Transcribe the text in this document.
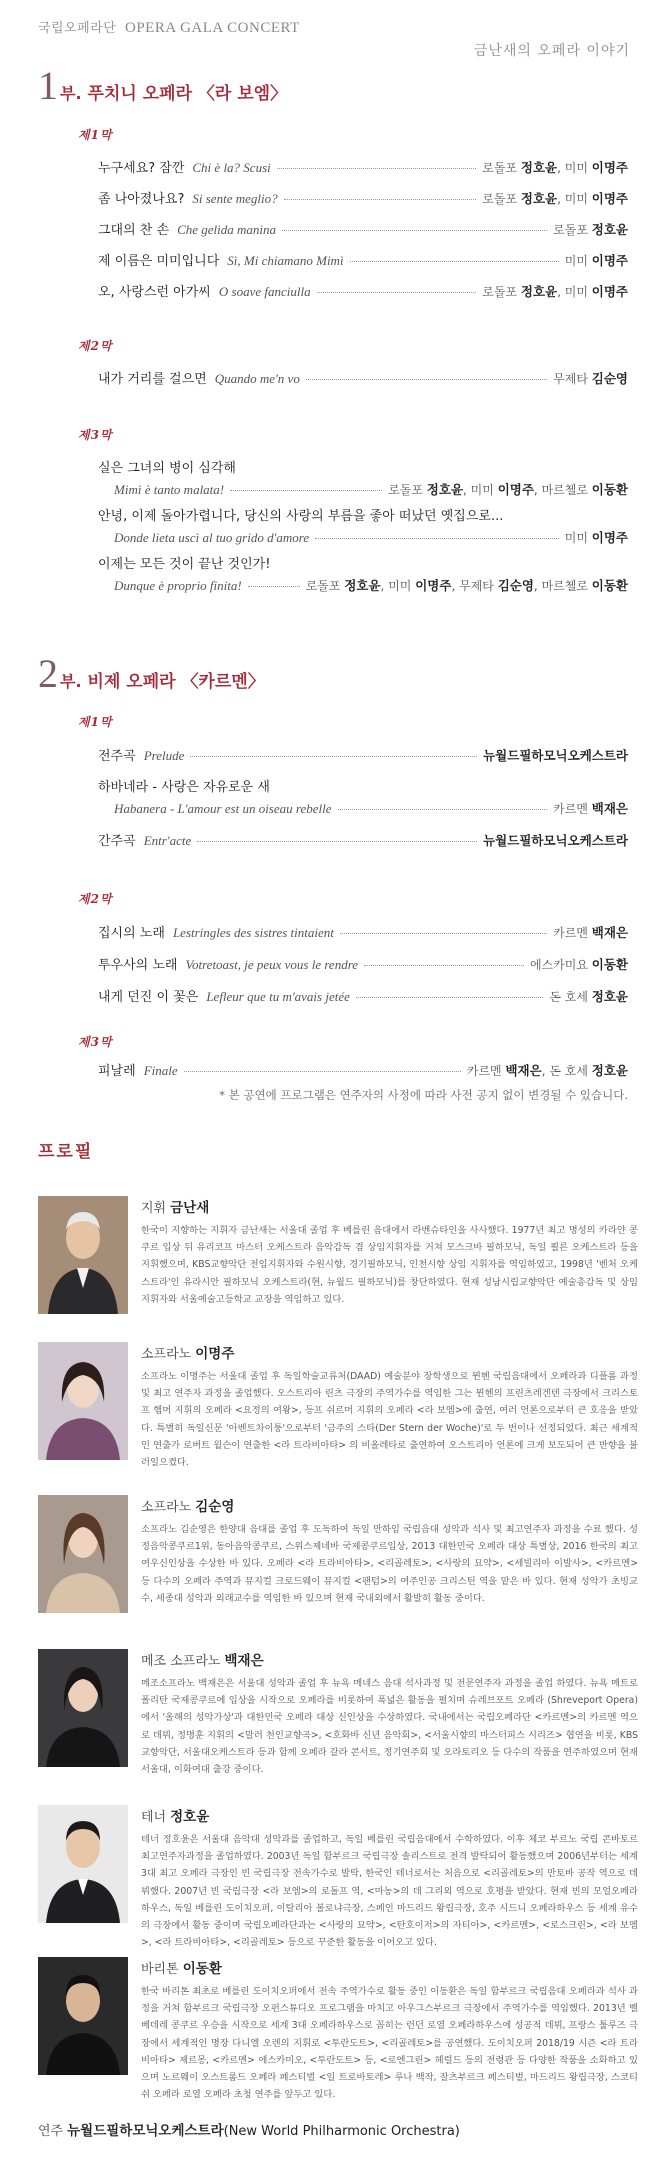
국립오페라단 OPERA GALA CONCERT
금난새의 오페라 이야기
1 부. 푸치니 오페라 〈라 보엠〉
제1막
누구세요? 잠깐 Chi è la? Scusi	로돌포 정호윤, 미미 이명주
좀 나아졌나요? Si sente meglio?	로돌포 정호윤, 미미 이명주
그대의 찬 손 Che gelida manina	로돌포 정호윤
제 이름은 미미입니다 Sì, Mi chiamano Mimì	미미 이명주
오, 사랑스런 아가씨 O soave fanciulla	로돌포 정호윤, 미미 이명주
제2막
내가 거리를 걸으면 Quando me'n vo	무제타 김순영
제3막
실은 그녀의 병이 심각해
Mimì è tanto malata!	로돌포 정호윤, 미미 이명주, 마르첼로 이동환
안녕, 이제 돌아가렵니다, 당신의 사랑의 부름을 좋아 떠났던 옛집으로...
Donde lieta uscì al tuo grido d'amore	미미 이명주
이제는 모든 것이 끝난 것인가!
Dunque è proprio finita!	로돌포 정호윤, 미미 이명주, 무제타 김순영, 마르첼로 이동환
2 부. 비제 오페라 〈카르멘〉
제1막
전주곡 Prelude	뉴월드필하모닉오케스트라
하바네라 - 사랑은 자유로운 새
Habanera - L'amour est un oiseau rebelle	카르멘 백재은
간주곡 Entr'acte	뉴월드필하모닉오케스트라
제2막
집시의 노래 Lestringles des sistres tintaient	카르멘 백재은
투우사의 노래 Votretoast, je peux vous le rendre	에스카미요 이동환
내게 던진 이 꽃은 Lefleur que tu m'avais jetée	돈 호세 정호윤
제3막
피날레 Finale	카르멘 백재은, 돈 호세 정호윤
* 본 공연에 프로그램은 연주자의 사정에 따라 사전 공지 없이 변경될 수 있습니다.
프로필
지휘 금난새
한국이 지향하는 지휘자 금난새는 서울대 졸업 후 베를린 음대에서 라벤슈타인을 사사했다. 1977년 최고 명성의 카라얀 콩쿠르 입상 뒤 유리코프 마스터 오케스트라 음악감독 겸 상임지휘자를 거쳐 모스크바 필하모닉, 독일 쾰른 오케스트라 등을 지휘했으며, KBS교향악단 전임지휘자와 수원시향, 경기필하모닉, 인천시향 상임 지휘자를 역임하였고, 1998년 '벤처 오케스트라'인 유라시안 필하모닉 오케스트라(현, 뉴월드 필하모닉)를 창단하였다. 현재 성남시립교향악단 예술총감독 및 상임지휘자와 서울예술고등학교 교장을 역임하고 있다.
소프라노 이명주
소프라노 이명주는 서울대 졸업 후 독일학술교류처(DAAD) 예술분야 장학생으로 뮌헨 국립음대에서 오페라과 디플롬 과정 및 최고 연주자 과정을 졸업했다. 오스트리아 린츠 극장의 주역가수를 역임한 그는 뮌헨의 프린츠레겐텐 극장에서 크리스토프 햄머 지휘의 오페라 <요정의 여왕>, 등프 쉬르머 지휘의 오페라 <라 보엠>에 출연, 여러 언론으로부터 큰 호응을 받았다. 특별히 독일신문 '아벤트차이퉁'으로부터 '금주의 스타(Der Stern der Woche)'로 두 번이나 선정되었다. 최근 세계적인 연출가 로버트 윌슨이 연출한 <라 트라비아타> 의 비올레타로 출연하여 오스트리아 언론에 크게 보도되어 큰 반향을 불러일으켰다.
소프라노 김순영
소프라노 김순영은 한양대 음대를 졸업 후 도독하여 독일 만하임 국립음대 성악과 석사 및 최고연주자 과정을 수료 했다. 성정음악콩쿠르1위, 동아음악콩쿠르, 스위스제네바 국제콩쿠르입상, 2013 대한민국 오페라 대상 특별상, 2016 한국의 최고 여우신인상을 수상한 바 있다. 오페라 <라 트라비아타>, <리골레토>, <사랑의 묘약>, <세빌리아 이발사>, <카르멘> 등 다수의 오페라 주역과 뮤지컬 크로드웨이 뮤지컬 <팬텀>의 여주인공 크리스틴 역을 맡은 바 있다. 현재 성악가 초빙교수, 세종대 성악과 외래교수를 역임한 바 있으며 현재 국내외에서 활발히 활동 중이다.
메조 소프라노 백재은
메조소프라노 백재은은 서울대 성악과 졸업 후 뉴욕 메네스 음대 석사과정 및 전문연주자 과정을 졸업 하였다. 뉴욕 메트로폴리탄 국제콩쿠르에 입상을 시작으로 오페라를 비롯하여 폭넓은 활동을 펼치며 슈레브포트 오페라 (Shreveport Opera) 에서 '올해의 성악가상'과 대한민국 오페라 대상 신인상을 수상하였다. 국내에서는 국립오페라단 <카르멘>의 카르멘 역으로 데뷔, 정명훈 지휘의 <말러 천인교향곡>, <호화바 신년 음악회>, <서울시향의 마스터피스 시리즈> 협연을 비롯, KBS교향악단, 서울대오케스트라 등과 함께 오페라 갈라 콘서트, 정기연주회 및 오라토리오 등 다수의 작품을 연주하였으며 현재 서울대, 이화여대 출강 중이다.
테너 정호윤
테너 정호윤은 서울대 음악대 성악과를 졸업하고, 독일 베를린 국립음대에서 수학하였다. 이후 체코 부르노 국립 콘바토르 최고연주자과정을 졸업하였다. 2003년 독일 함부르크 국립극장 솔리스트로 전격 발탁되어 활동했으며 2006년부터는 세계 3대 최고 오페라 극장인 빈 국립극장 전속가수로 발탁, 한국인 테너로서는 처음으로 <리골레토>의 만토바 공작 역으로 데뷔했다. 2007년 빈 국립극장 <라 보엠>의 로돌프 역, <마농>의 데 그리외 역으로 호평을 받았다. 현재 빈의 모얼오페라하우스, 독일 베를린 도이치오퍼, 이탈리아 볼로냐극장, 스페인 마드리드 왕립극장, 호주 시드니 오페라하우스 등 세계 유수의 극장에서 활동 중이며 국립오페라단과는 <사랑의 묘약>, <탄호이저>의 자티아>, <카르멘>, <로스크린>, <라 보엠>, <라 트라비아타>, <리골레토> 등으로 꾸준한 활동을 이어오고 있다.
바리톤 이동환
한국 바리톤 최초로 베를린 도이치오퍼에서 전속 주역가수로 활동 중인 이동환은 독일 함부르크 국립음대 오페라과 석사 과정을 거쳐 함부르크 국립극장 오펀스튜디오 프로그램을 마치고 아우그스부르크 극장에서 주역가수를 역임했다. 2013년 벨베데레 콩쿠르 우승을 시작으로 세계 3대 오페라하우스로 꼽히는 런던 로열 오페라하우스에 성공적 데뷔, 프랑스 툴루즈 극장에서 세계적인 명장 다니엘 오렌의 지휘로 <투란도트>, <리골레토>를 공연했다. 도이치오퍼 2018/19 시즌 <라 트라비아타> 제르몽, <카르멘> 에스카미오, <투란도트> 등, <로엔그린> 헤럴드 등의 전령관 등 다양한 작품을 소화하고 있으며 노르웨이 오스트롬드 오페라 페스티벌 <일 트로바토레> 루나 백작, 잘츠부르크 페스티벌, 마드리드 왕립극장, 스코티쉬 오페라 로열 오페라 초청 연주를 앞두고 있다.
연주 뉴월드필하모닉오케스트라(New World Philharmonic Orchestra)
